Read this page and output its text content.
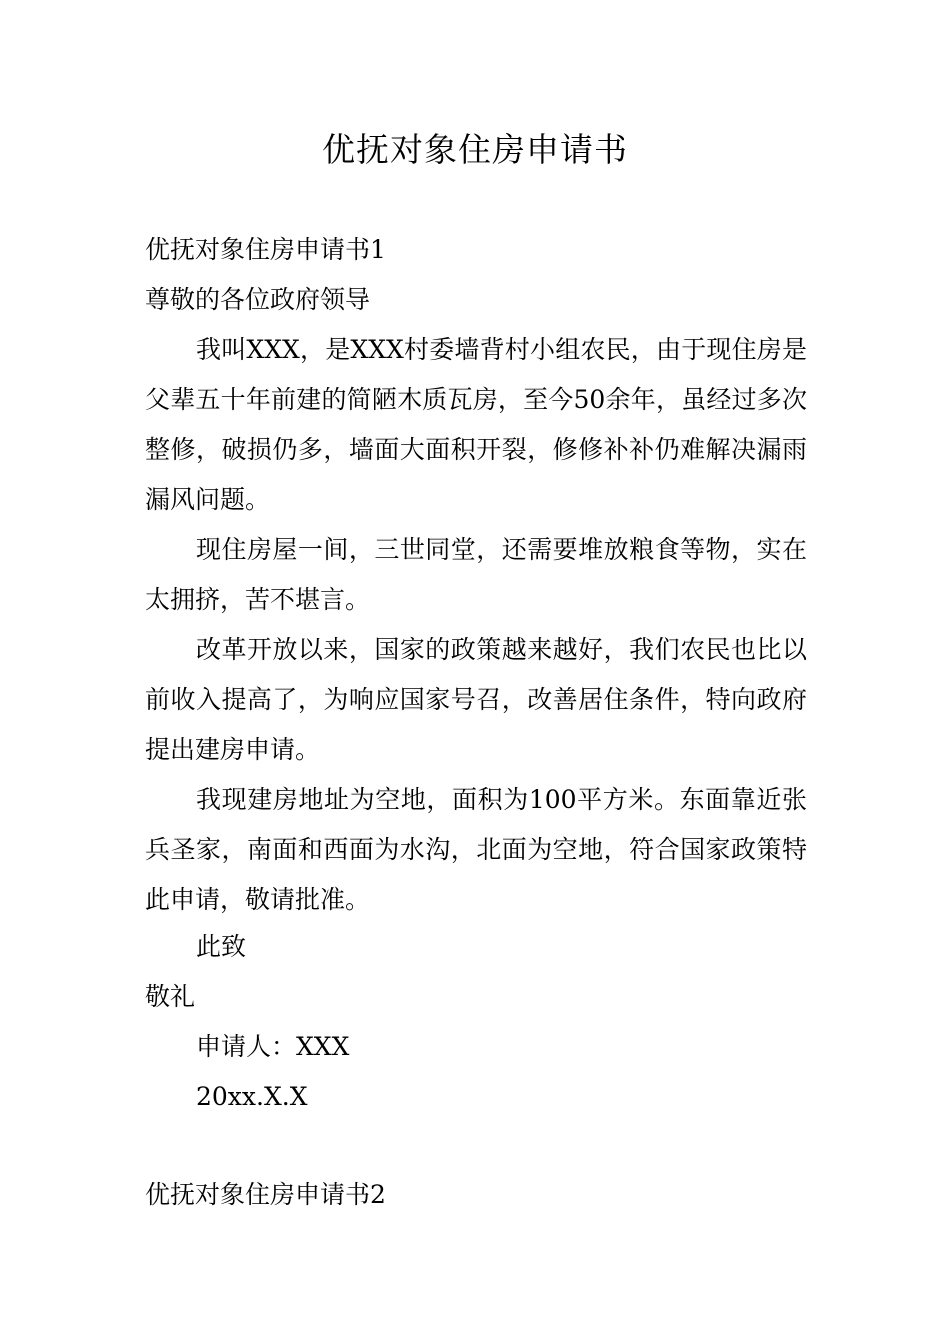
优抚对象住房申请书
优抚对象住房申请书1
尊敬的各位政府领导

我叫XXX，是XXX村委墙背村小组农民，由于现住房是父辈五十年前建的简陋木质瓦房，至今50余年，虽经过多次整修，破损仍多，墙面大面积开裂，修修补补仍难解决漏雨漏风问题。

现住房屋一间，三世同堂，还需要堆放粮食等物，实在太拥挤，苦不堪言。

改革开放以来，国家的政策越来越好，我们农民也比以前收入提高了，为响应国家号召，改善居住条件，特向政府提出建房申请。

我现建房地址为空地，面积为100平方米。东面靠近张兵圣家，南面和西面为水沟，北面为空地，符合国家政策特此申请，敬请批准。

此致
敬礼
申请人：XXX
20xx.X.X
优抚对象住房申请书2
